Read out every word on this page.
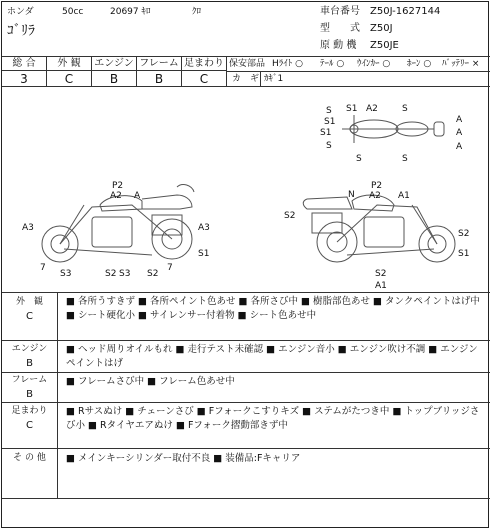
ホンダ	50cc	20697 ｷﾛ	ｸﾛ
ｺﾞﾘﾗ
車台番号 Z50J-1627144
型　　式 Z50J
原 動 機 Z50JE
総 合	外 観	エンジン フレーム 足まわり
3	C	B	B	C
保安部品 Hﾗｲﾄ ○ ﾃｰﾙ ○ ｳｲﾝｶｰ ○ ﾎｰﾝ ○ ﾊﾞｯﾃﾘｰ ×
カ　ギ ｶｷﾞ1
S1 A2	S
S1
S1
S
S
A
A
A
S	S
P2
A2 A
A3	A3
S1
7
S3	S2 S3 S2
7
N
P2
A2 A1
S2
S2
S1
S2
A1
外　観
C
■ 各所うすきず ■ 各所ペイント色あせ ■ 各所さび中 ■ 樹脂部色あせ ■ タンクペイントはげ中 ■ シート硬化小 ■ サイレンサー付着物 ■ シート色あせ中
エンジン
B
■ ヘッド周りオイルもれ ■ 走行テスト未確認 ■ エンジン音小 ■ エンジン吹け不調 ■ エンジンペイントはげ
フレーム
B
■ フレームさび中 ■ フレーム色あせ中
足まわり
C
■ Rサスぬけ ■ チェーンさび ■ Fフォークこすりキズ ■ ステムがたつき中 ■ トップブリッジさび小 ■ Rタイヤエアぬけ ■ Fフォーク摺動部きず中
そ の 他	■ メインキーシリンダー取付不良 ■ 装備品:Fキャリア
